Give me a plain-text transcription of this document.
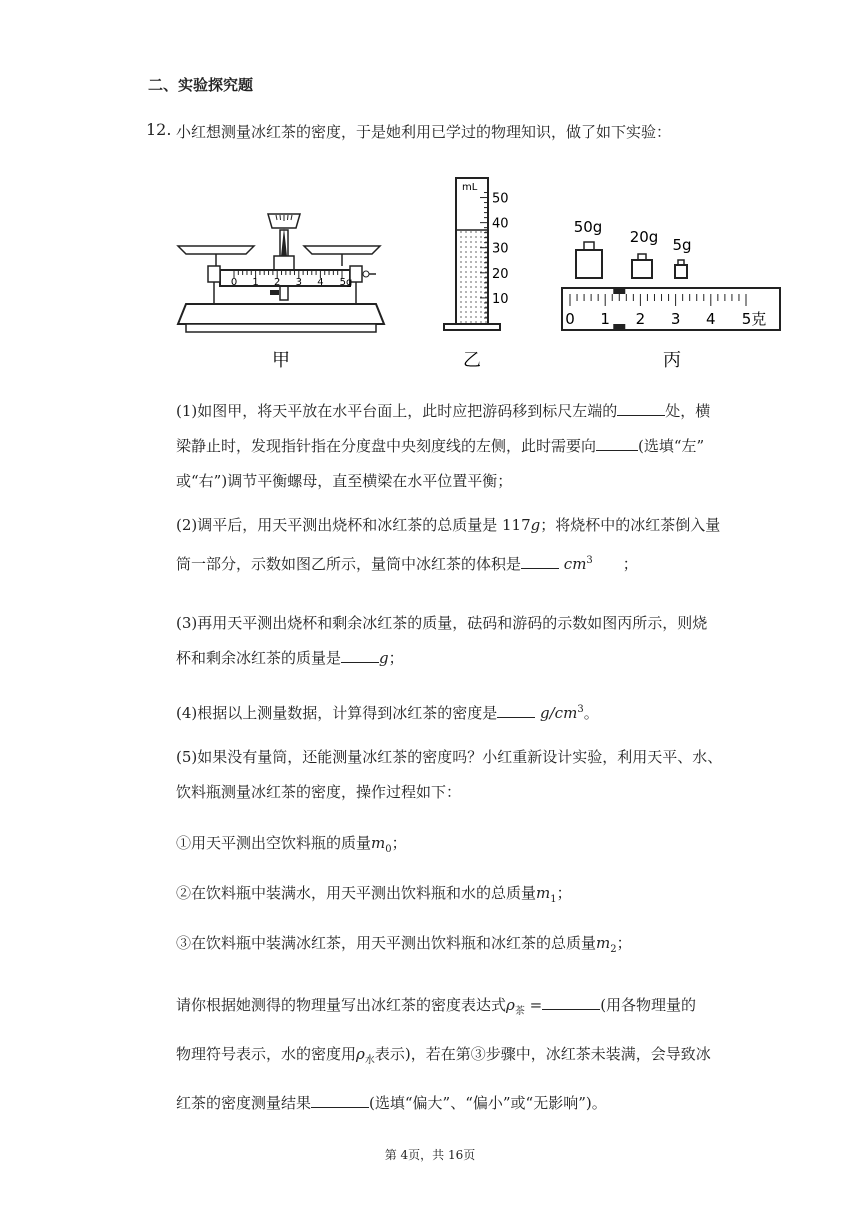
二、实验探究题
12. 小红想测量冰红茶的密度，于是她利用已学过的物理知识，做了如下实验：
甲
0 1 2 3 4 5g
mL
50
40
30
20
10
乙
50g
20g 5g
0 1 2 3 4 5克
丙
(1)如图甲，将天平放在水平台面上，此时应把游码移到标尺左端的	处，横
梁静止时，发现指针指在分度盘中央刻度线的左侧，此时需要向	(选填“左”
或“右”)调节平衡螺母，直至横梁在水平位置平衡；
(2)调平后，用天平测出烧杯和冰红茶的总质量是 117g；将烧杯中的冰红茶倒入量
筒一部分，示数如图乙所示，量筒中冰红茶的体积是	$cm^3$ ；
(3)再用天平测出烧杯和剩余冰红茶的质量，砝码和游码的示数如图丙所示，则烧
杯和剩余冰红茶的质量是	g；
(4)根据以上测量数据，计算得到冰红茶的密度是	$g/cm^3$。
(5)如果没有量筒，还能测量冰红茶的密度吗？小红重新设计实验，利用天平、水、
饮料瓶测量冰红茶的密度，操作过程如下：
①用天平测出空饮料瓶的质量$m_0$；
②在饮料瓶中装满水，用天平测出饮料瓶和水的总质量$m_1$；
③在饮料瓶中装满冰红茶，用天平测出饮料瓶和冰红茶的总质量$m_2$；
请你根据她测得的物理量写出冰红茶的密度表达式$\rho_茶$ =	(用各物理量的
物理符号表示，水的密度用$\rho_水$表示)，若在第③步骤中，冰红茶未装满，会导致冰
红茶的密度测量结果	(选填“偏大”、“偏小”或“无影响”)。
第 4页，共 16页
